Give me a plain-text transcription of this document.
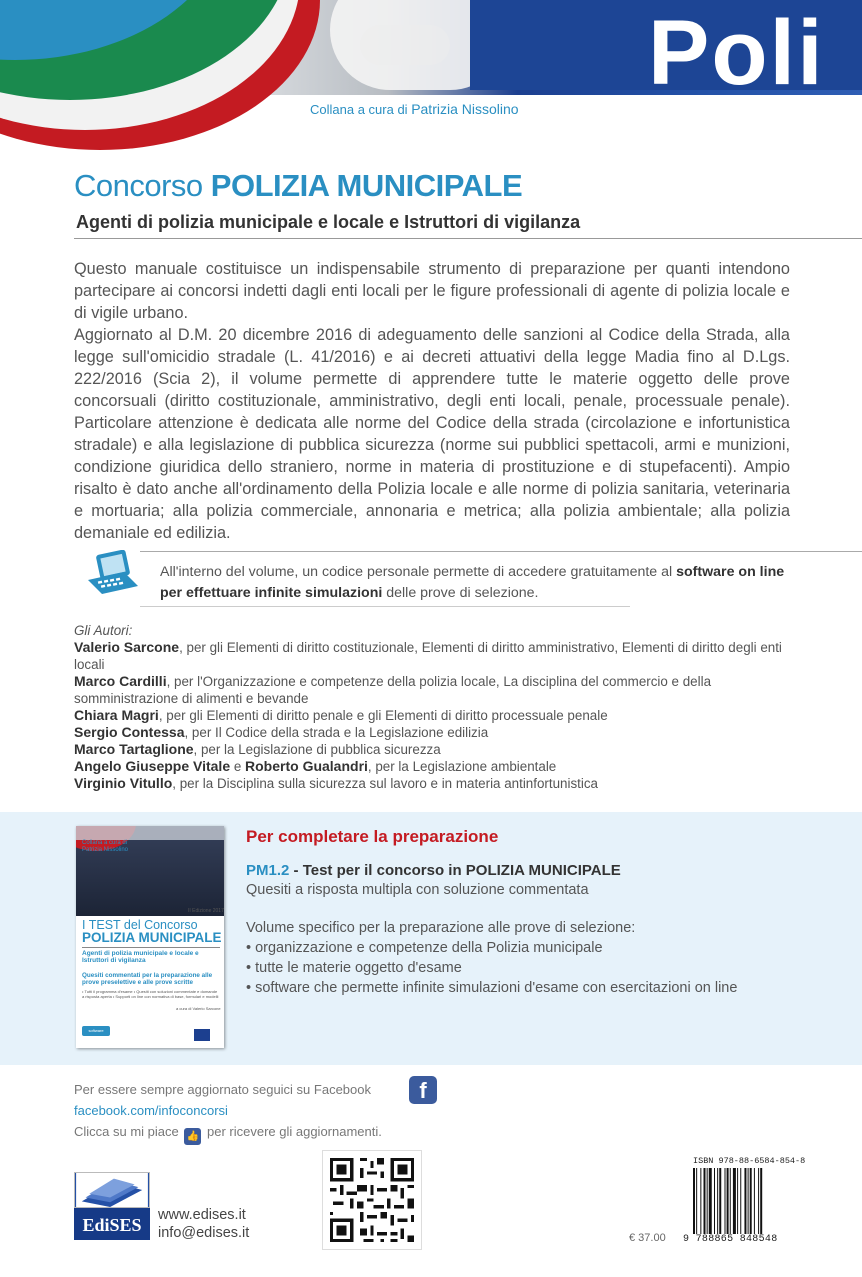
Poli
Collana a cura di Patrizia Nissolino
Concorso POLIZIA MUNICIPALE
Agenti di polizia municipale e locale e Istruttori di vigilanza

Questo manuale costituisce un indispensabile strumento di preparazione per quanti intendono partecipare ai concorsi indetti dagli enti locali per le figure professionali di agente di polizia locale e di vigile urbano.

Aggiornato al D.M. 20 dicembre 2016 di adeguamento delle sanzioni al Codice della Strada, alla legge sull'omicidio stradale (L. 41/2016) e ai decreti attuativi della legge Madia fino al D.Lgs. 222/2016 (Scia 2), il volume permette di apprendere tutte le materie oggetto delle prove concorsuali (diritto costituzionale, amministrativo, degli enti locali, penale, processuale penale). Particolare attenzione è dedicata alle norme del Codice della strada (circolazione e infortunistica stradale) e alla legislazione di pubblica sicurezza (norme sui pubblici spettacoli, armi e munizioni, condizione giuridica dello straniero, norme in materia di prostituzione e di stupefacenti). Ampio risalto è dato anche all'ordinamento della Polizia locale e alle norme di polizia sanitaria, veterinaria e mortuaria; alla polizia commerciale, annonaria e metrica; alla polizia ambientale; alla polizia demaniale ed edilizia.

All'interno del volume, un codice personale permette di accedere gratuitamente al software on line per effettuare infinite simulazioni delle prove di selezione.
Gli Autori:
Valerio Sarcone, per gli Elementi di diritto costituzionale, Elementi di diritto amministrativo, Elementi di diritto degli enti locali
Marco Cardilli, per l'Organizzazione e competenze della polizia locale, La disciplina del commercio e della somministrazione di alimenti e bevande
Chiara Magri, per gli Elementi di diritto penale e gli Elementi di diritto processuale penale
Sergio Contessa, per Il Codice della strada e la Legislazione edilizia
Marco Tartaglione, per la Legislazione di pubblica sicurezza
Angelo Giuseppe Vitale e Roberto Gualandri, per la Legislazione ambientale
Virginio Vitullo, per la Disciplina sulla sicurezza sul lavoro e in materia antinfortunistica
Collana a cura di
Patrizia Nissolino
II Edizione 2017
I TEST del Concorso
POLIZIA MUNICIPALE
Agenti di polizia municipale e locale e Istruttori di vigilanza
Quesiti commentati per la preparazione alle prove preselettive e alle prove scritte
• Tutti il programma d'esame • Quesiti con soluzioni commentate e domande a risposta aperta • Supporti on line con normativa di base, formulari e modelli
a cura di Valerio Sarcone
software
Per completare la preparazione
PM1.2 - Test per il concorso in POLIZIA MUNICIPALE
Quesiti a risposta multipla con soluzione commentata

Volume specifico per la preparazione alle prove di selezione:

• organizzazione e competenze della Polizia municipale

• tutte le materie oggetto d'esame

• software che permette infinite simulazioni d'esame con esercitazioni on line

Per essere sempre aggiornato seguici su Facebook	f
facebook.com/infoconcorsi
Clicca su mi piace 👍 per ricevere gli aggiornamenti.
EdiSES	www.edises.it
info@edises.it	€ 37.00
ISBN 978-88-6584-854-8
9 788865 848548
